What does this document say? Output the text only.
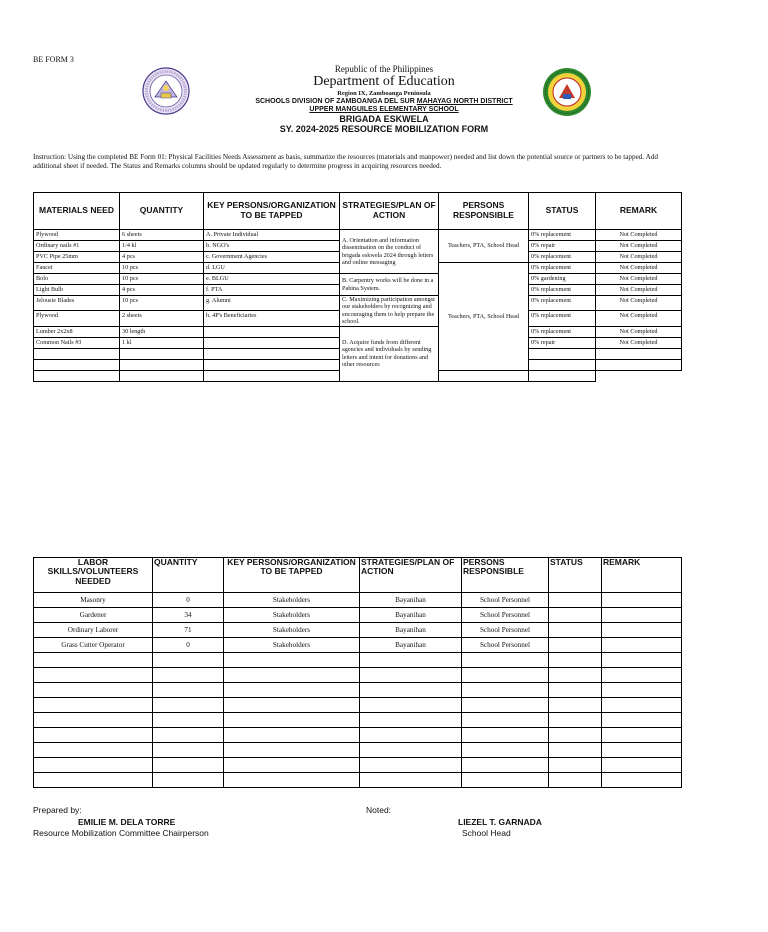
BE FORM 3
Republic of the Philippines
Department of Education
Region IX, Zamboanga Peninsula
SCHOOLS DIVISION OF ZAMBOANGA DEL SUR MAHAYAG NORTH DISTRICT
UPPER MANGUILES ELEMENTARY SCHOOL
BRIGADA ESKWELA
SY. 2024-2025 RESOURCE MOBILIZATION FORM
Instruction: Using the completed BE Form 01: Physical Facilities Needs Assessment as basis, summarize the resources (materials and manpower) needed and list down the potential source or partners to be tapped. Add additional sheet if needed. The Status and Remarks columns should be updated regularly to determine progress in acquiring resources needed.
MATERIALS NEED	QUANTITY	KEY PERSONS/ORGANIZATION TO BE TAPPED	STRATEGIES/PLAN OF ACTION	PERSONS RESPONSIBLE	STATUS	REMARK
Plywood	6 sheets	A. Private Individual	A. Orientation and information dissemination on the conduct of brigada eskwela 2024 through letters and online messaging	Teachers, PTA, School Head	0% replacement	Not Completed
Ordinary nails #1	1/4 kl	b. NGO's			0% repair	Not Completed
PVC Pipe 25mm	4 pcs	c. Government Agencies			0% replacement	Not Completed
Faucet	10 pcs	d. LGU		Teachers, PTA, School Head	0% replacement	Not Completed
Bolo	10 pcs	e. BLGU	B. Carpentry works will be done in a Pahina System.		0% gardening	Not Completed
Light Bulb	4 pcs	f. PTA			0% replacement	Not Completed
Jelousie Blades	10 pcs	g. Alumni	C. Maximizing participation amongst our stakeholders by recognizing and encouraging them to help prepare the school.		0% replacement	Not Completed
Plywood	2 sheets	h. 4P's Beneficiaries			0% replacement	Not Completed
Lumber 2x2x8	30 length		D. Acquire funds from different agencies and individuals by sending letters and intent for donations and other resources		0% replacement	Not Completed
Common Nails #3	1 kl				0% repair	Not Completed

LABOR SKILLS/VOLUNTEERS NEEDED	QUANTITY	KEY PERSONS/ORGANIZATION TO BE TAPPED	STRATEGIES/PLAN OF ACTION	PERSONS RESPONSIBLE	STATUS	REMARK
Masonry	0	Stakeholders	Bayanihan	School Personnel		
Gardener	34	Stakeholders	Bayanihan	School Personnel		
Ordinary Laborer	71	Stakeholders	Bayanihan	School Personnel		
Grass Cutter Operator	0	Stakeholders	Bayanihan	School Personnel		

Prepared by:
EMILIE M. DELA TORRE
Resource Mobilization Committee Chairperson
Noted:
LIEZEL T. GARNADA
School Head
